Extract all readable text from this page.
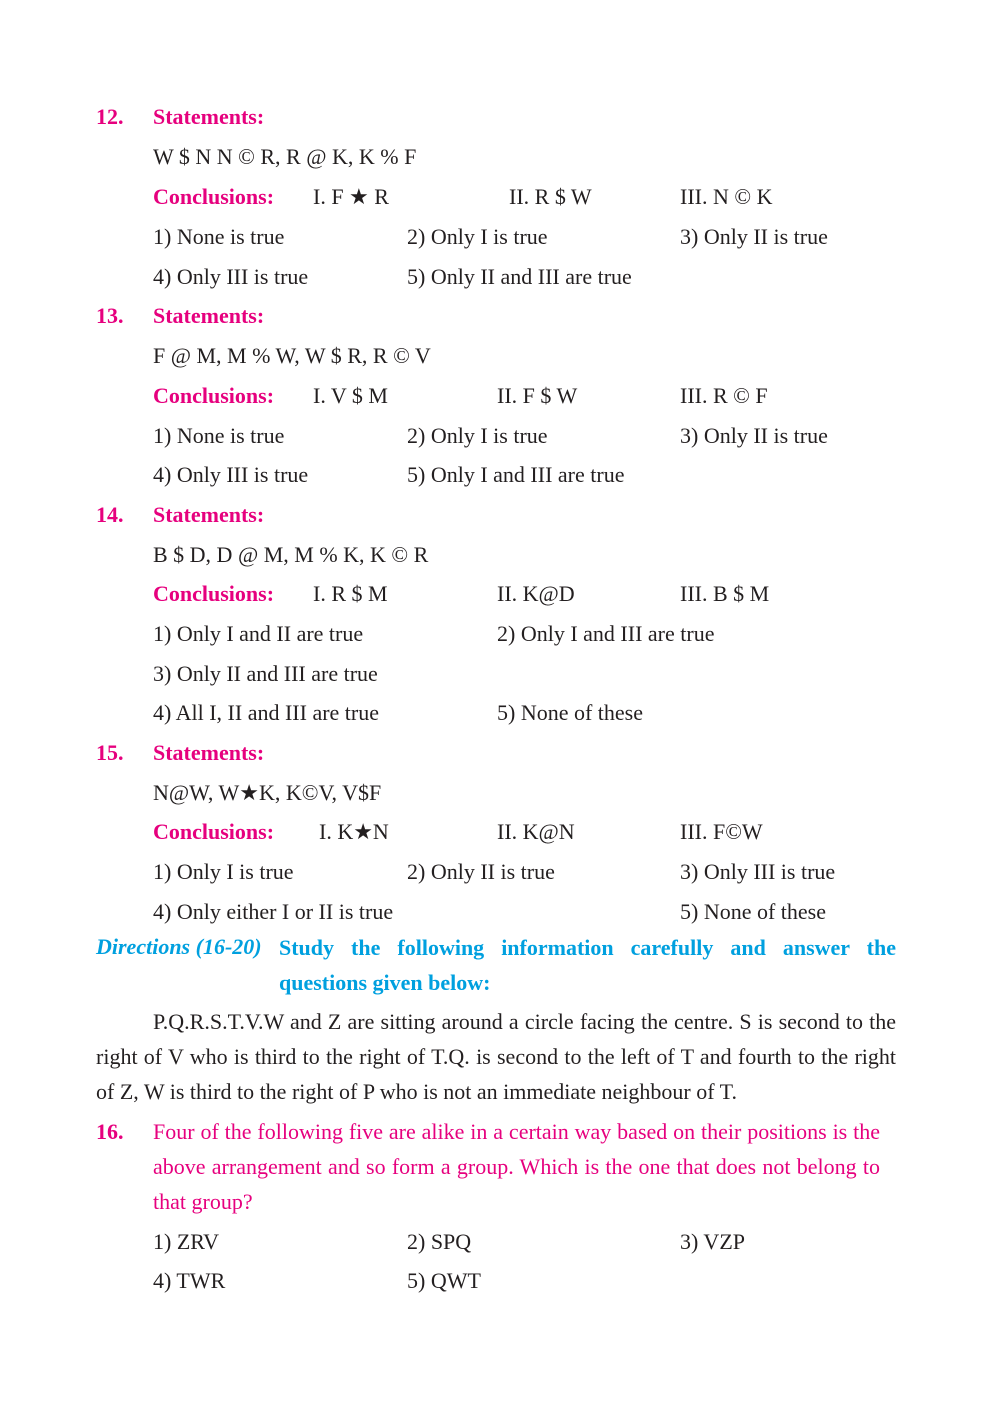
12. Statements:
W $ N N © R, R @ K, K % F
Conclusions: I. F ★ R	II. R $ W	III. N © K
1) None is true	2) Only I is true	3) Only II is true
4) Only III is true	5) Only II and III are true
13. Statements:
F @ M, M % W, W $ R, R © V
Conclusions: I. V $ M	II. F $ W	III. R © F
1) None is true	2) Only I is true	3) Only II is true
4) Only III is true	5) Only I and III are true
14. Statements:
B $ D, D @ M, M % K, K © R
Conclusions: I. R $ M	II. K@D	III. B $ M
1) Only I and II are true	2) Only I and III are true
3) Only II and III are true
4) All I, II and III are true	5) None of these
15. Statements:
N@W, W★K, K©V, V$F
Conclusions: I. K★N	II. K@N	III. F©W
1) Only I is true	2) Only II is true	3) Only III is true
4) Only either I or II is true	5) None of these
Directions (16-20) Study the following information carefully and answer the questions given below:
P.Q.R.S.T.V.W and Z are sitting around a circle facing the centre. S is second to the right of V who is third to the right of T.Q. is second to the left of T and fourth to the right of Z, W is third to the right of P who is not an immediate neighbour of T.
16. Four of the following five are alike in a certain way based on their positions is the above arrangement and so form a group. Which is the one that does not belong to that group?
1) ZRV	2) SPQ	3) VZP
4) TWR	5) QWT
